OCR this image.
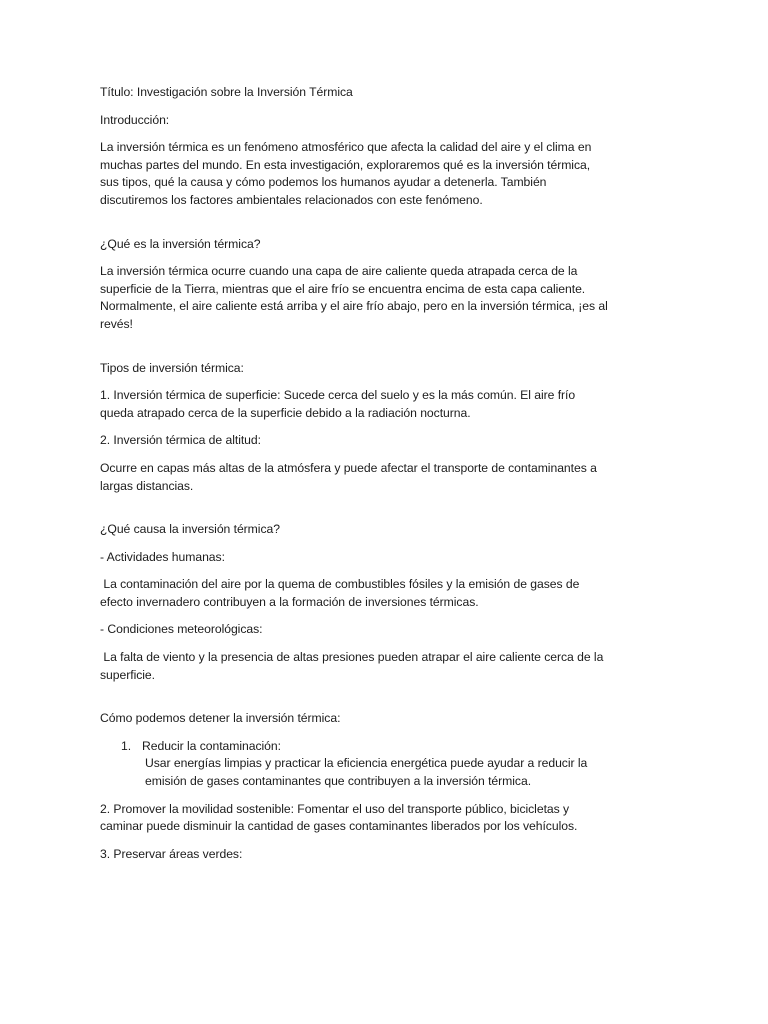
Título: Investigación sobre la Inversión Térmica

Introducción:

La inversión térmica es un fenómeno atmosférico que afecta la calidad del aire y el clima en muchas partes del mundo. En esta investigación, exploraremos qué es la inversión térmica, sus tipos, qué la causa y cómo podemos los humanos ayudar a detenerla. También discutiremos los factores ambientales relacionados con este fenómeno.

¿Qué es la inversión térmica?

La inversión térmica ocurre cuando una capa de aire caliente queda atrapada cerca de la superficie de la Tierra, mientras que el aire frío se encuentra encima de esta capa caliente. Normalmente, el aire caliente está arriba y el aire frío abajo, pero en la inversión térmica, ¡es al revés!

Tipos de inversión térmica:

1. Inversión térmica de superficie: Sucede cerca del suelo y es la más común. El aire frío queda atrapado cerca de la superficie debido a la radiación nocturna.

2. Inversión térmica de altitud:

Ocurre en capas más altas de la atmósfera y puede afectar el transporte de contaminantes a largas distancias.

¿Qué causa la inversión térmica?

- Actividades humanas:

La contaminación del aire por la quema de combustibles fósiles y la emisión de gases de efecto invernadero contribuyen a la formación de inversiones térmicas.

- Condiciones meteorológicas:

La falta de viento y la presencia de altas presiones pueden atrapar el aire caliente cerca de la superficie.

Cómo podemos detener la inversión térmica:

1. Reducir la contaminación:
Usar energías limpias y practicar la eficiencia energética puede ayudar a reducir la emisión de gases contaminantes que contribuyen a la inversión térmica.

2. Promover la movilidad sostenible: Fomentar el uso del transporte público, bicicletas y caminar puede disminuir la cantidad de gases contaminantes liberados por los vehículos.

3. Preservar áreas verdes:
